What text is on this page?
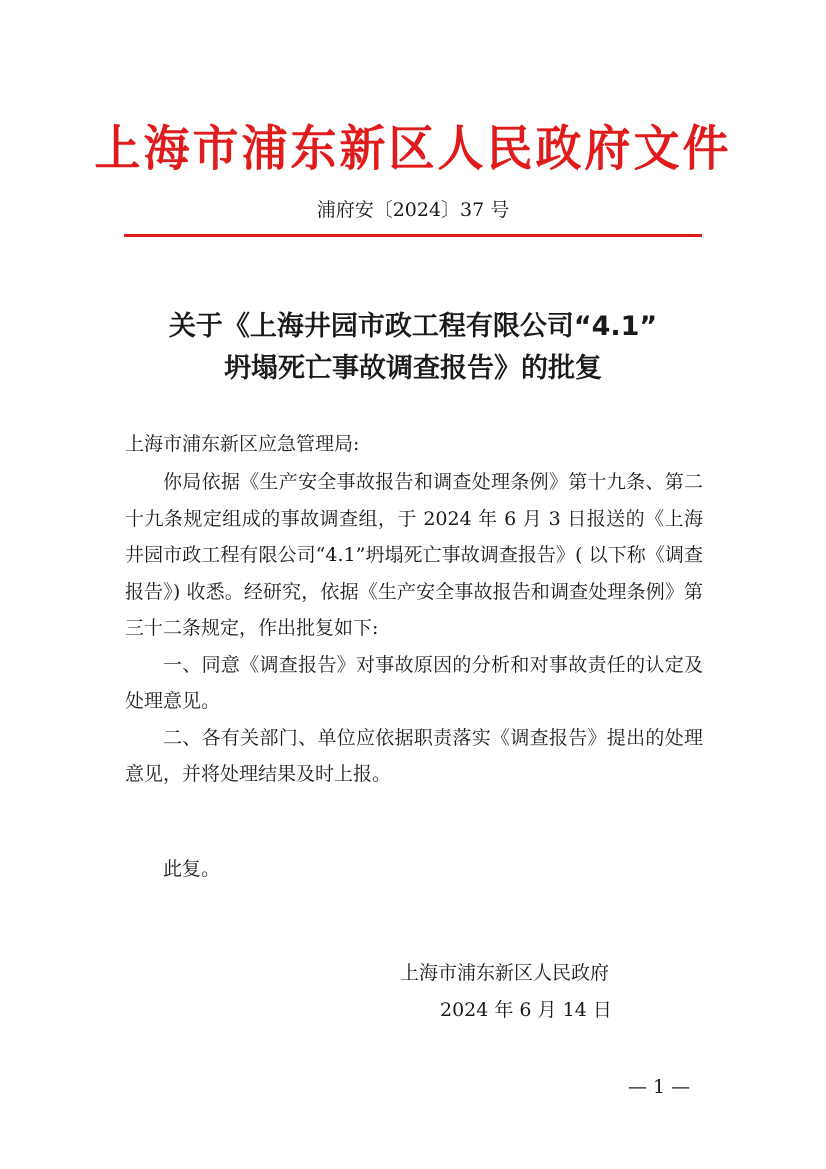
上海市浦东新区人民政府文件
浦府安〔2024〕37 号
关于《上海井园市政工程有限公司“4.1”
坍塌死亡事故调查报告》的批复
上海市浦东新区应急管理局:

你局依据《生产安全事故报告和调查处理条例》第十九条、第二十九条规定组成的事故调查组，于 2024 年 6 月 3 日报送的《上海井园市政工程有限公司“4.1”坍塌死亡事故调查报告》( 以下称《调查报告》) 收悉。经研究，依据《生产安全事故报告和调查处理条例》第三十二条规定，作出批复如下:

一、同意《调查报告》对事故原因的分析和对事故责任的认定及处理意见。

二、各有关部门、单位应依据职责落实《调查报告》提出的处理意见，并将处理结果及时上报。

此复。
上海市浦东新区人民政府
2024 年 6 月 14 日
— 1 —
